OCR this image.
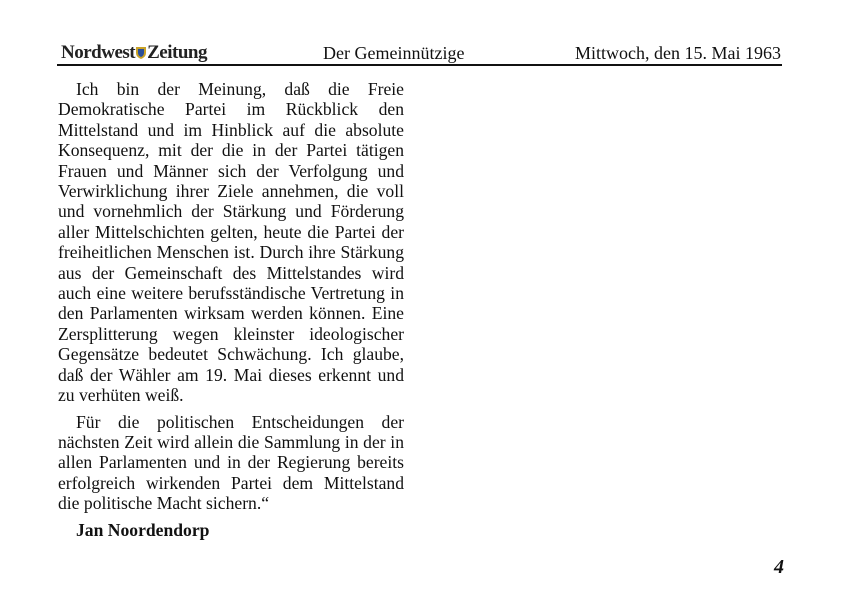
Nordwest Zeitung	Der Gemeinnützige	Mittwoch, den 15. Mai 1963

Ich bin der Meinung, daß die Freie Demokratische Partei im Rückblick den Mittelstand und im Hinblick auf die absolute Konsequenz, mit der die in der Partei tätigen Frauen und Männer sich der Verfolgung und Verwirklichung ihrer Ziele annehmen, die voll und vornehmlich der Stärkung und Förderung aller Mittelschichten gelten, heute die Partei der freiheitlichen Menschen ist. Durch ihre Stärkung aus der Gemeinschaft des Mittelstandes wird auch eine weitere berufsständische Vertretung in den Parlamenten wirksam werden können. Eine Zersplitterung wegen kleinster ideologischer Gegensätze bedeutet Schwächung. Ich glaube, daß der Wähler am 19. Mai dieses erkennt und zu verhüten weiß.

Für die politischen Entscheidungen der nächsten Zeit wird allein die Sammlung in der in allen Parlamenten und in der Regierung bereits erfolgreich wirkenden Partei dem Mittelstand die politische Macht sichern.“

Jan Noordendorp

4
